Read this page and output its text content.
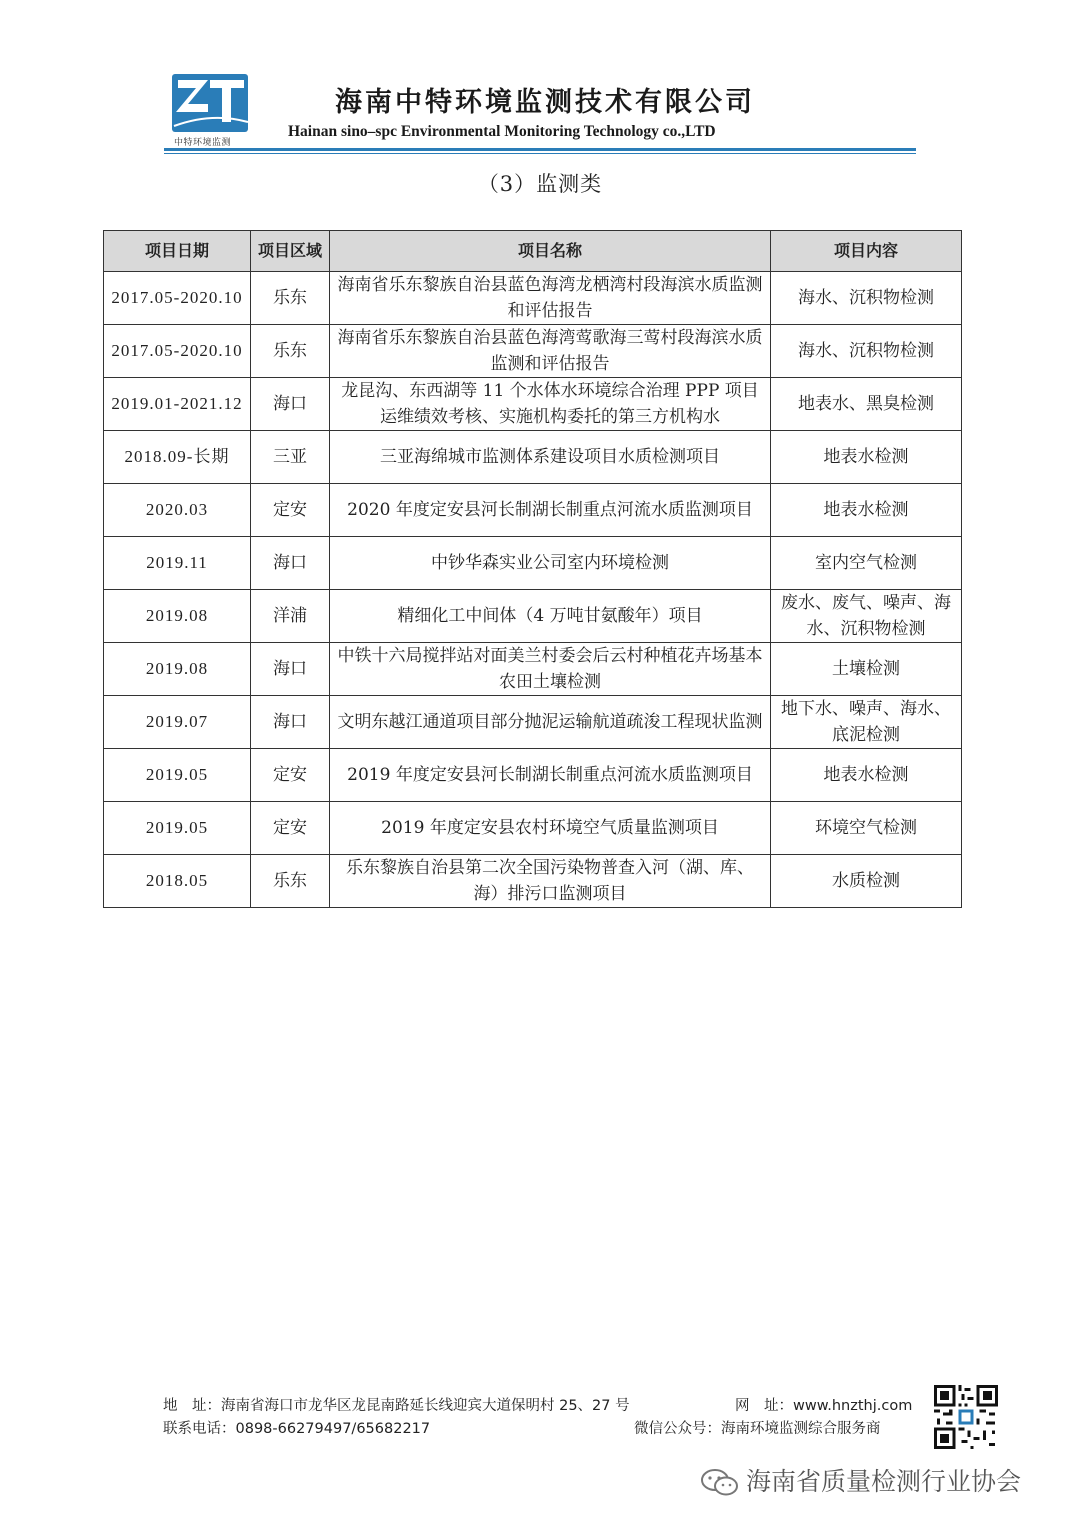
中特环境监测
海南中特环境监测技术有限公司
Hainan sino–spc Environmental Monitoring Technology co.,LTD
（3）监测类
项目日期	项目区域	项目名称	项目内容
2017.05-2020.10	乐东	海南省乐东黎族自治县蓝色海湾龙栖湾村段海滨水质监测和评估报告	海水、沉积物检测
2017.05-2020.10	乐东	海南省乐东黎族自治县蓝色海湾莺歌海三莺村段海滨水质监测和评估报告	海水、沉积物检测
2019.01-2021.12	海口	龙昆沟、东西湖等 11 个水体水环境综合治理 PPP 项目运维绩效考核、实施机构委托的第三方机构水	地表水、黑臭检测
2018.09-长期	三亚	三亚海绵城市监测体系建设项目水质检测项目	地表水检测
2020.03	定安	2020 年度定安县河长制湖长制重点河流水质监测项目	地表水检测
2019.11	海口	中钞华森实业公司室内环境检测	室内空气检测
2019.08	洋浦	精细化工中间体（4 万吨甘氨酸年）项目	废水、废气、噪声、海水、沉积物检测
2019.08	海口	中铁十六局搅拌站对面美兰村委会后云村种植花卉场基本农田土壤检测	土壤检测
2019.07	海口	文明东越江通道项目部分抛泥运输航道疏浚工程现状监测	地下水、噪声、海水、底泥检测
2019.05	定安	2019 年度定安县河长制湖长制重点河流水质监测项目	地表水检测
2019.05	定安	2019 年度定安县农村环境空气质量监测项目	环境空气检测
2018.05	乐东	乐东黎族自治县第二次全国污染物普查入河（湖、库、海）排污口监测项目	水质检测
地　址：海南省海口市龙华区龙昆南路延长线迎宾大道保明村 25、27 号	网　址：www.hnzthj.com
联系电话：0898-66279497/65682217	微信公众号：海南环境监测综合服务商
海南省质量检测行业协会
